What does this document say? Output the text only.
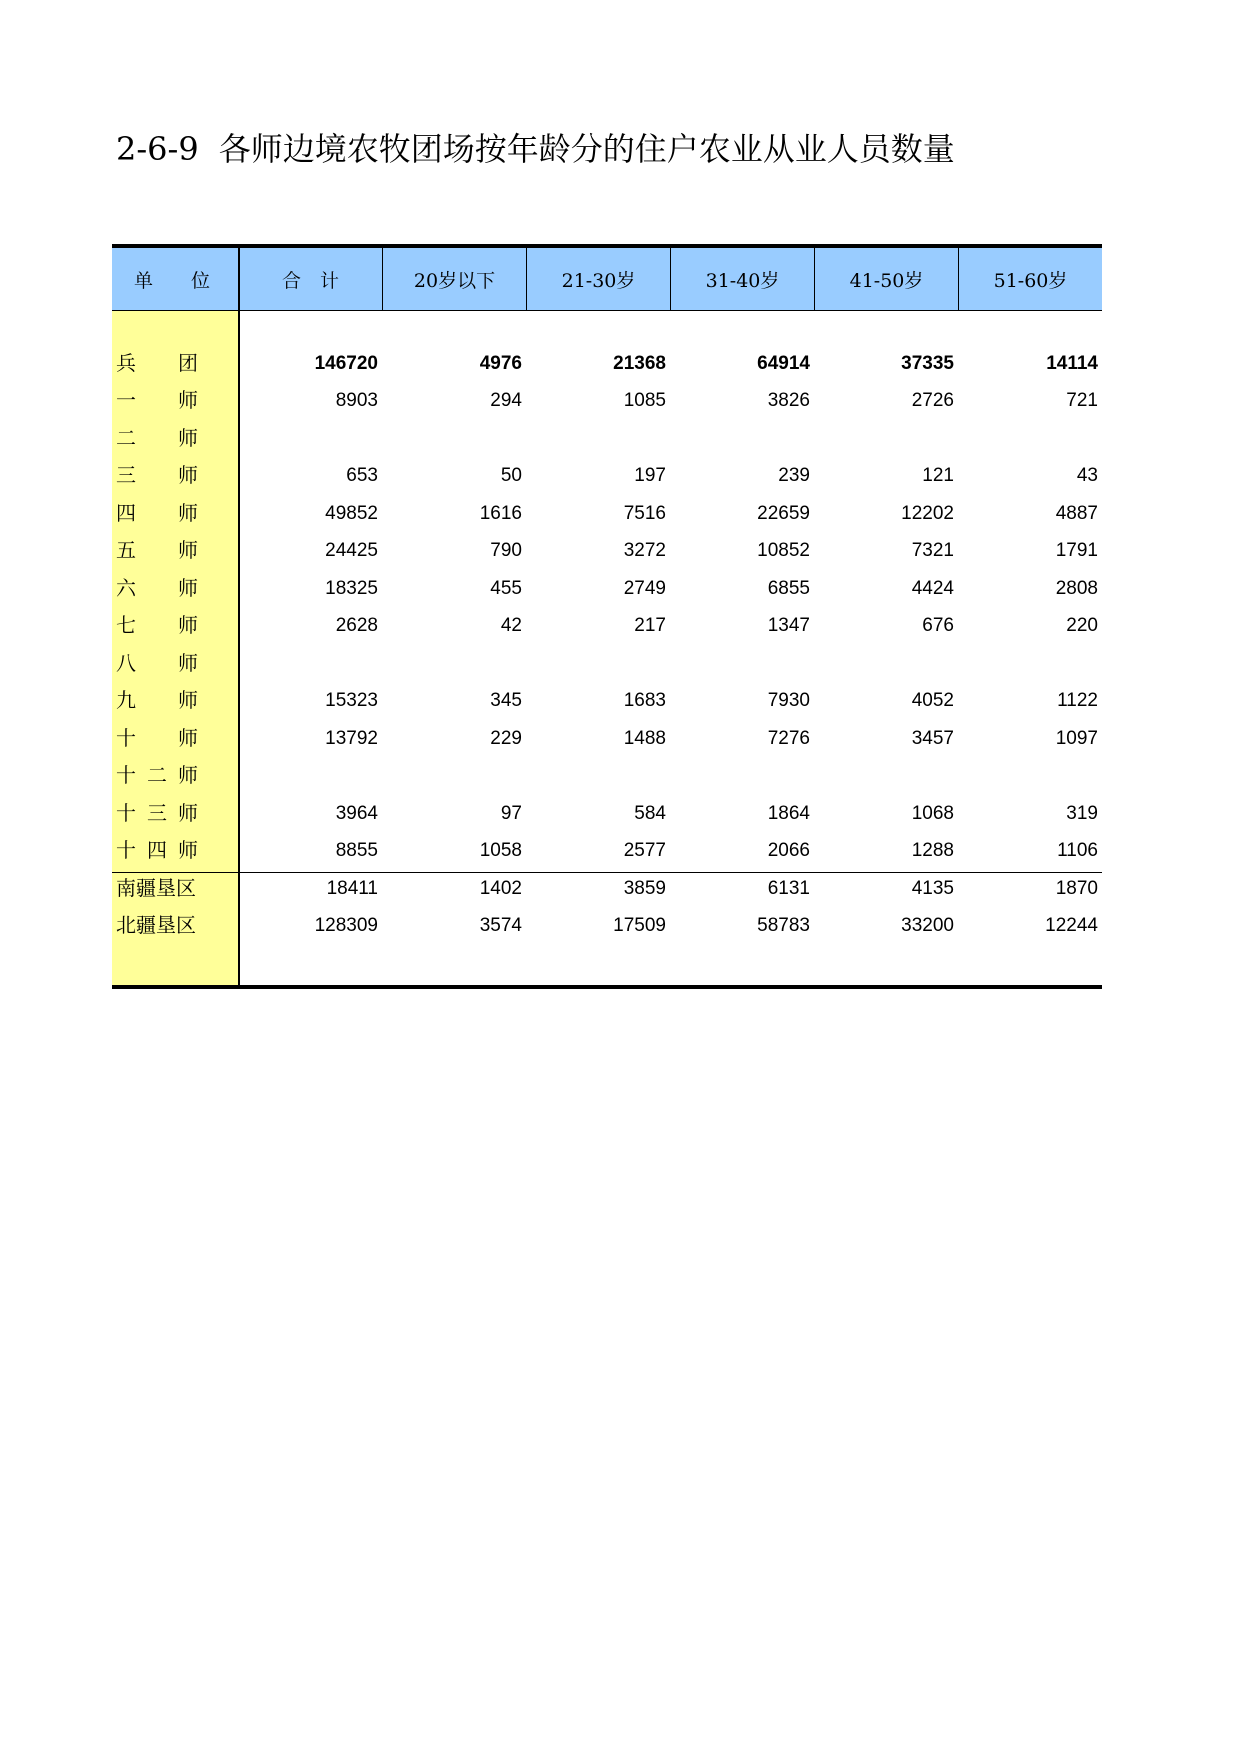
2-6-9 各师边境农牧团场按年龄分的住户农业从业人员数量
单　　位	合　计	20岁以下	21-30岁	31-40岁	41-50岁	51-60岁
兵 团	146720	4976	21368	64914	37335	14114
一 师	8903	294	1085	3826	2726	721
二 师
三 师	653	50	197	239	121	43
四 师	49852	1616	7516	22659	12202	4887
五 师	24425	790	3272	10852	7321	1791
六 师	18325	455	2749	6855	4424	2808
七 师	2628	42	217	1347	676	220
八 师
九 师	15323	345	1683	7930	4052	1122
十 师	13792	229	1488	7276	3457	1097
十 二 师
十 三 师	3964	97	584	1864	1068	319
十 四 师	8855	1058	2577	2066	1288	1106
南疆垦区	18411	1402	3859	6131	4135	1870
北疆垦区	128309	3574	17509	58783	33200	12244
